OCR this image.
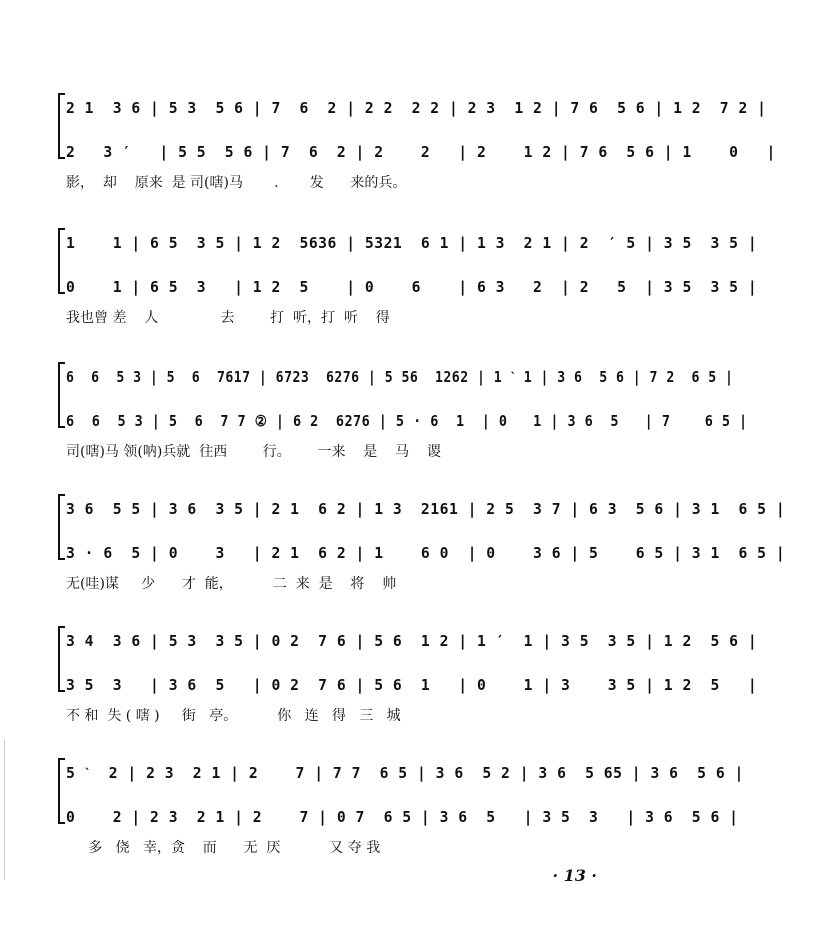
2 1  3 6 | 5 3  5 6 | 7  6  2 | 2 2  2 2 | 2 3  1 2 | 7 6  5 6 | 1 2  7 2 |
2   3 ′   | 5 5  5 6 | 7  6  2 | 2    2   | 2    1 2 | 7 6  5 6 | 1    0   |
影，  却    原来  是 司(嗐)马       .       发      来的兵。
1    1 | 6 5  3 5 | 1 2  5636 | 5321  6 1 | 1 3  2 1 | 2  ′ 5 | 3 5  3 5 |
0    1 | 6 5  3   | 1 2  5    | 0    6    | 6 3   2  | 2   5  | 3 5  3 5 |
我也曾 差    人              去        打  听，打  听    得
6  6  5 3 | 5  6  7617 | 6723  6276 | 5 56  1262 | 1 ˋ 1 | 3 6  5 6 | 7 2  6 5 |
6  6  5 3 | 5  6  7 7 ② | 6 2  6276 | 5 · 6  1  | 0   1 | 3 6  5   | 7    6 5 |
司(嗐)马 领(呐)兵就  往西        行。      一来    是    马    谡
3 6  5 5 | 3 6  3 5 | 2 1  6 2 | 1 3  2161 | 2 5  3 7 | 6 3  5 6 | 3 1  6 5 |
3 · 6  5 | 0    3   | 2 1  6 2 | 1    6 0  | 0    3 6 | 5    6 5 | 3 1  6 5 |
无(哇)谋     少      才  能，         二  来  是    将    帅
3 4  3 6 | 5 3  3 5 | 0 2  7 6 | 5 6  1 2 | 1 ′  1 | 3 5  3 5 | 1 2  5 6 |
3 5  3   | 3 6  5   | 0 2  7 6 | 5 6  1   | 0    1 | 3    3 5 | 1 2  5   |
不 和  失 ( 嗐 )     街   亭。         你   连   得   三   城
5 ˋ  2 | 2 3  2 1 | 2    7 | 7 7  6 5 | 3 6  5 2 | 3 6  5 65 | 3 6  5 6 |
0    2 | 2 3  2 1 | 2    7 | 0 7  6 5 | 3 6  5   | 3 5  3   | 3 6  5 6 |
多   侥   幸，贪    而      无  厌           又 夺 我
· 13 ·
